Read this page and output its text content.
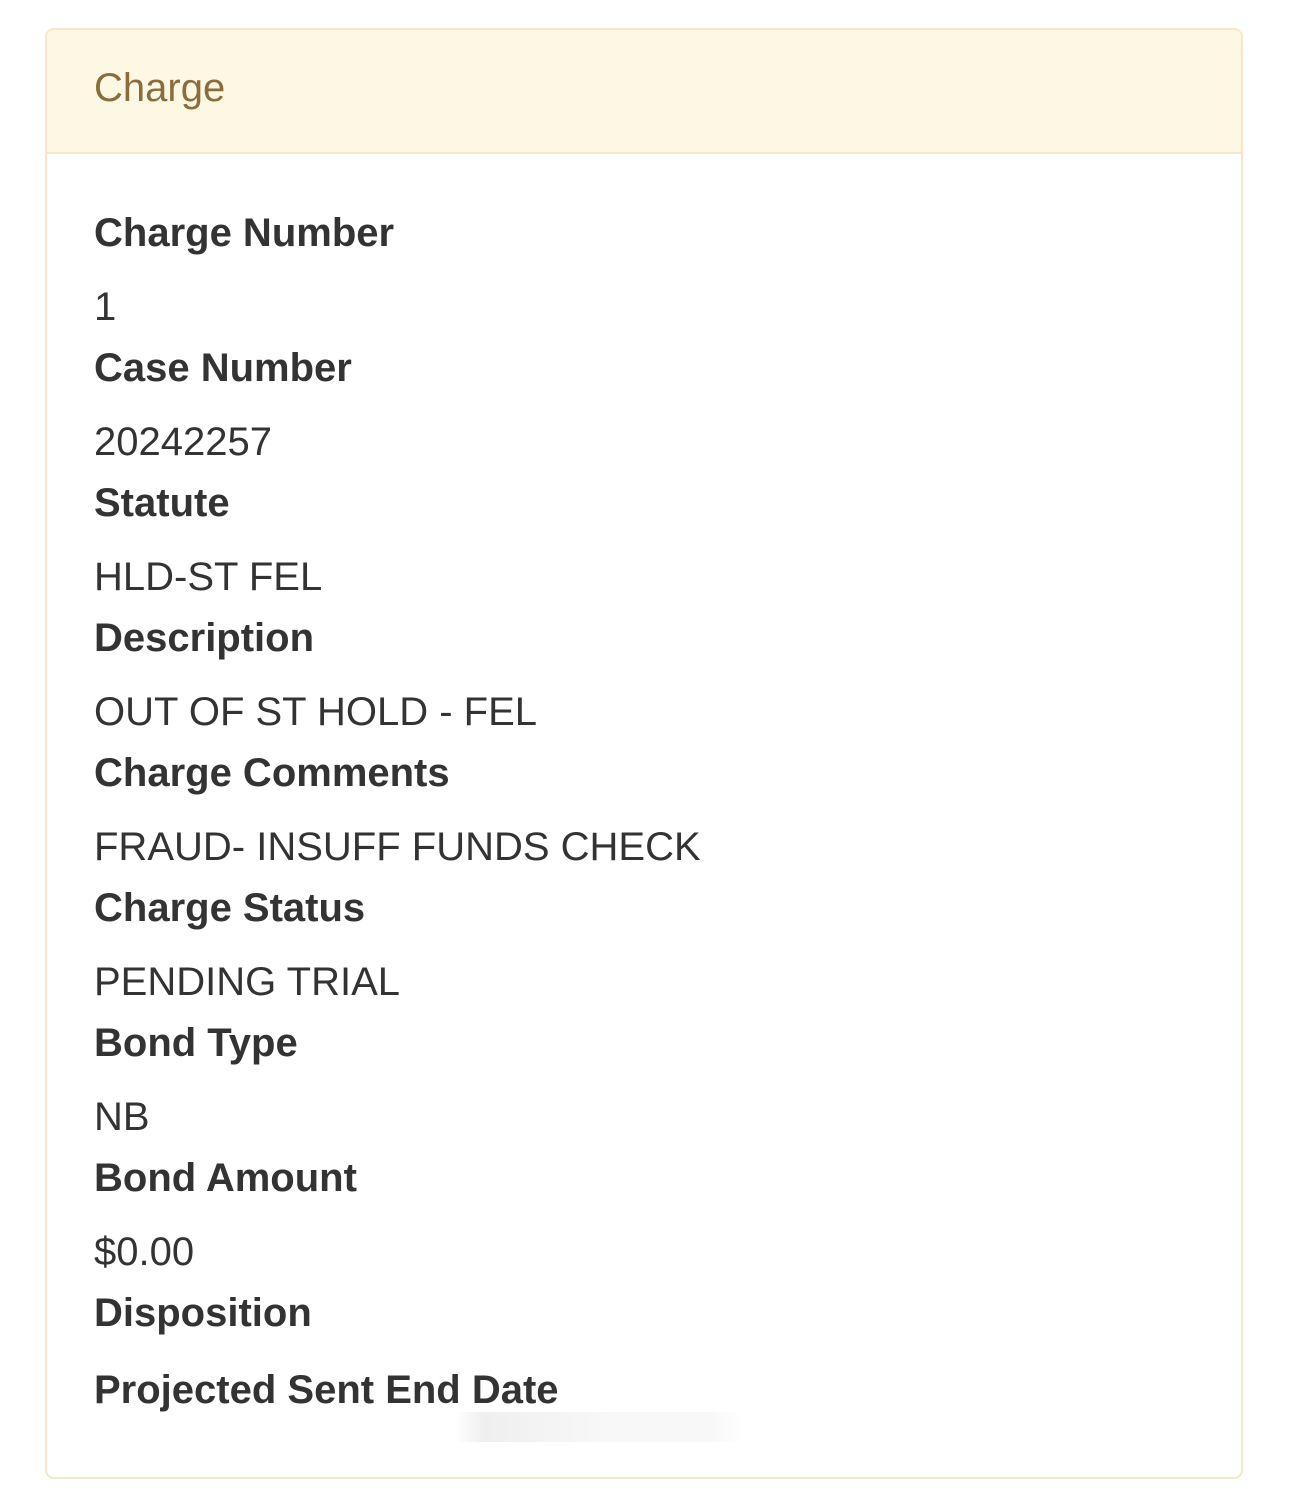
Charge
Charge Number
1
Case Number
20242257
Statute
HLD-ST FEL
Description
OUT OF ST HOLD - FEL
Charge Comments
FRAUD- INSUFF FUNDS CHECK
Charge Status
PENDING TRIAL
Bond Type
NB
Bond Amount
$0.00
Disposition
Projected Sent End Date
